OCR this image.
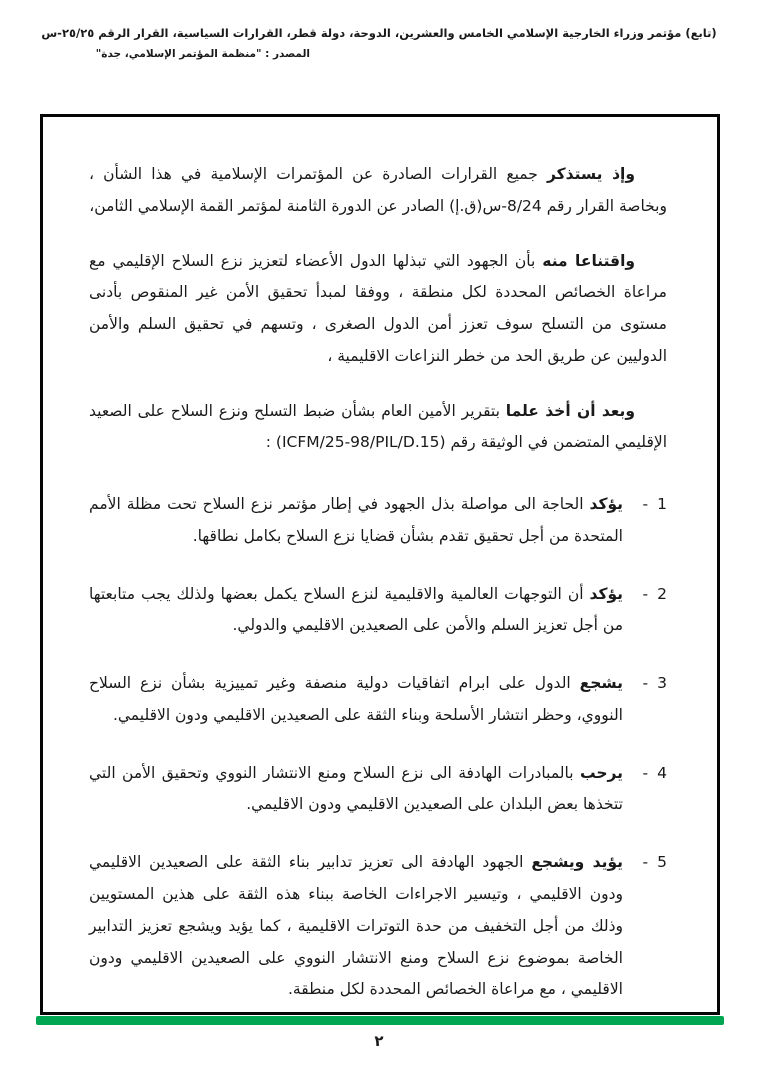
(تابع) مؤتمر وزراء الخارجية الإسلامي الخامس والعشرين، الدوحة، دولة قطر، القرارات السياسية، القرار الرقم ٢٥/٢٥-س
المصدر : "منظمة المؤتمر الإسلامي، جدة"

وإذ يستذكر جميع القرارات الصادرة عن المؤتمرات الإسلامية في هذا الشأن ، وبخاصة القرار رقم 8/24-س(ق.إ) الصادر عن الدورة الثامنة لمؤتمر القمة الإسلامي الثامن،

واقتناعا منه بأن الجهود التي تبذلها الدول الأعضاء لتعزيز نزع السلاح الإقليمي مع مراعاة الخصائص المحددة لكل منطقة ، ووفقا لمبدأ تحقيق الأمن غير المنقوص بأدنى مستوى من التسلح سوف تعزز أمن الدول الصغرى ، وتسهم في تحقيق السلم والأمن الدوليين عن طريق الحد من خطر النزاعات الاقليمية ،

وبعد أن أخذ علما بتقرير الأمين العام بشأن ضبط التسلح ونزع السلاح على الصعيد الإقليمي المتضمن في الوثيقة رقم (ICFM/25-98/PIL/D.15) :

1
-
يؤكد الحاجة الى مواصلة بذل الجهود في إطار مؤتمر نزع السلاح تحت مظلة الأمم المتحدة من أجل تحقيق تقدم بشأن قضايا نزع السلاح بكامل نطاقها.
2
-
يؤكد أن التوجهات العالمية والاقليمية لنزع السلاح يكمل بعضها ولذلك يجب متابعتها من أجل تعزيز السلم والأمن على الصعيدين الاقليمي والدولي.
3
-
يشجع الدول على ابرام اتفاقيات دولية منصفة وغير تمييزية بشأن نزع السلاح النووي، وحظر انتشار الأسلحة وبناء الثقة على الصعيدين الاقليمي ودون الاقليمي.
4
-
يرحب بالمبادرات الهادفة الى نزع السلاح ومنع الانتشار النووي وتحقيق الأمن التي تتخذها بعض البلدان على الصعيدين الاقليمي ودون الاقليمي.
5
-
يؤيد ويشجع الجهود الهادفة الى تعزيز تدابير بناء الثقة على الصعيدين الاقليمي ودون الاقليمي ، وتيسير الاجراءات الخاصة ببناء هذه الثقة على هذين المستويين وذلك من أجل التخفيف من حدة التوترات الاقليمية ، كما يؤيد ويشجع تعزيز التدابير الخاصة بموضوع نزع السلاح ومنع الانتشار النووي على الصعيدين الاقليمي ودون الاقليمي ، مع مراعاة الخصائص المحددة لكل منطقة.
٢
